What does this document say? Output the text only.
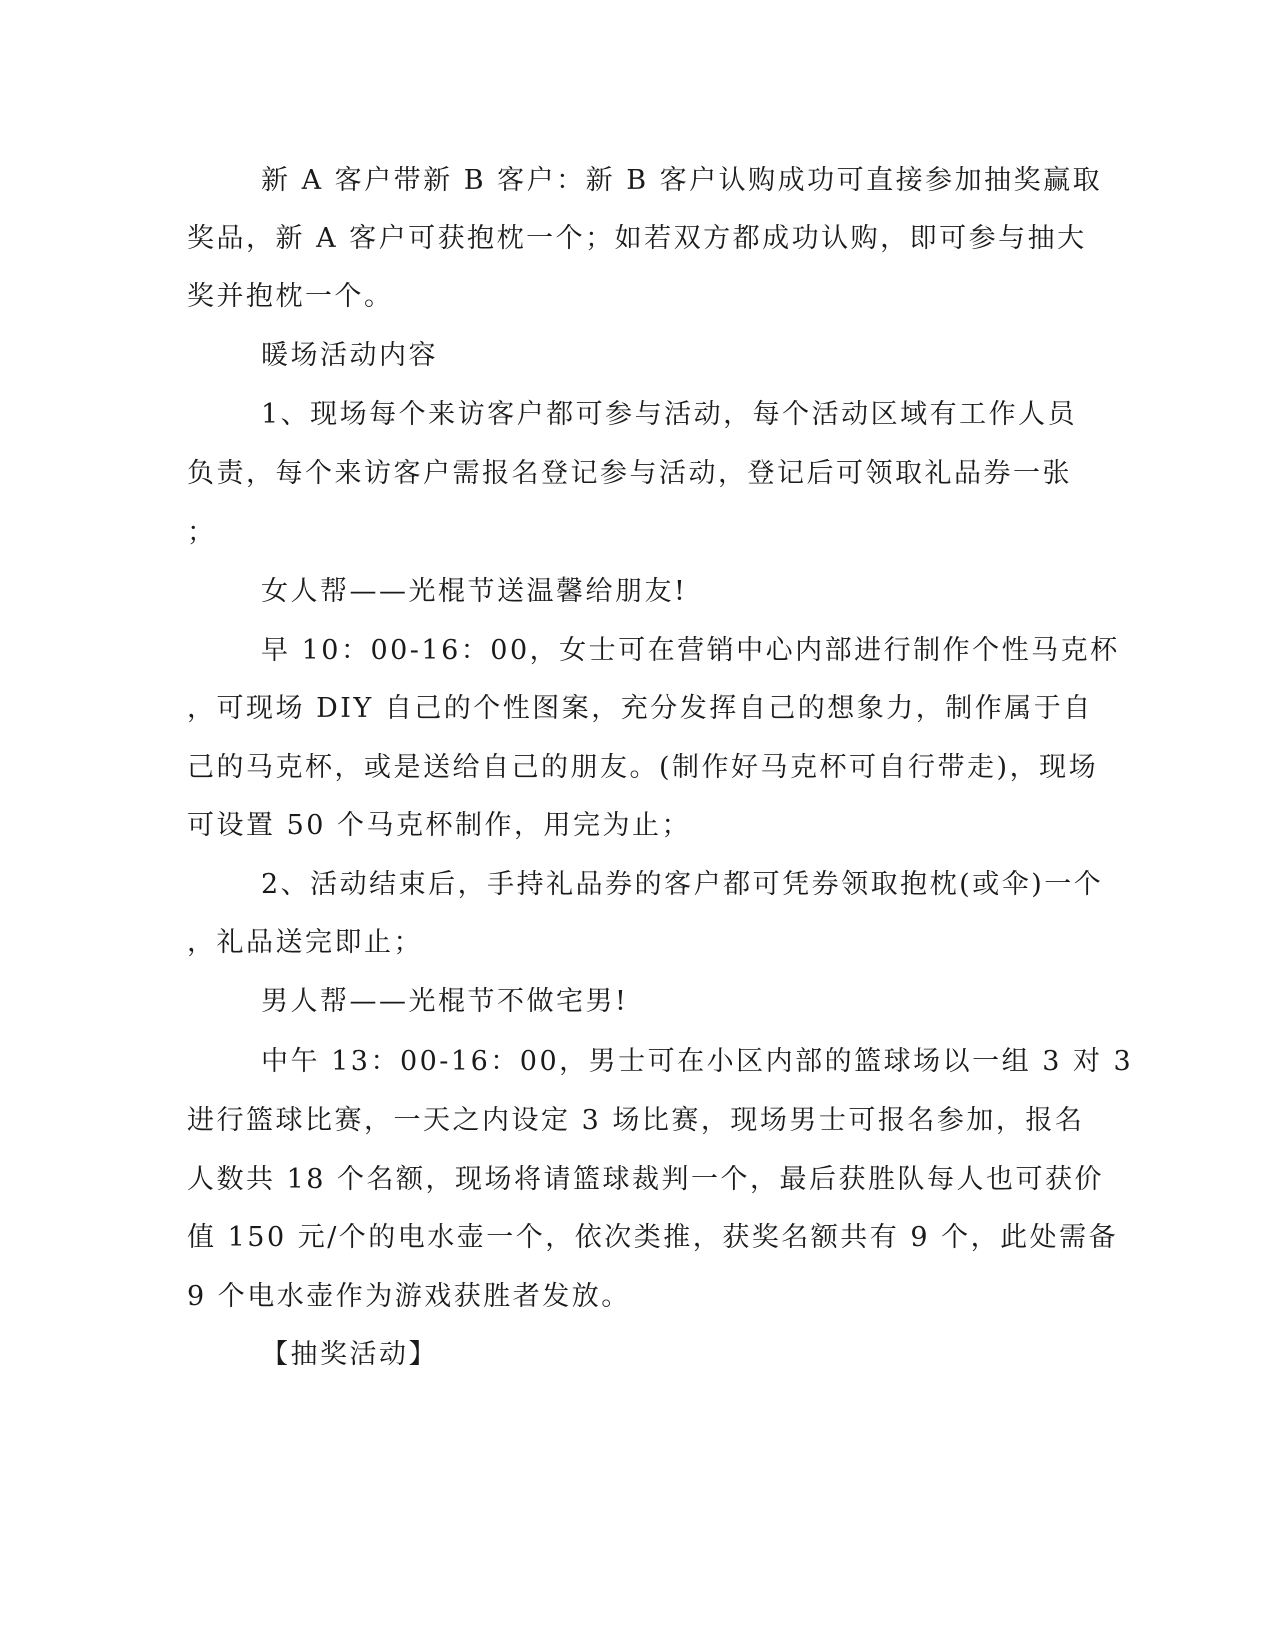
新 A 客户带新 B 客户：新 B 客户认购成功可直接参加抽奖赢取
奖品，新 A 客户可获抱枕一个；如若双方都成功认购，即可参与抽大
奖并抱枕一个。
暖场活动内容
1、现场每个来访客户都可参与活动，每个活动区域有工作人员
负责，每个来访客户需报名登记参与活动，登记后可领取礼品券一张
；
女人帮——光棍节送温馨给朋友!
早 10：00-16：00，女士可在营销中心内部进行制作个性马克杯
，可现场 DIY 自己的个性图案，充分发挥自己的想象力，制作属于自
己的马克杯，或是送给自己的朋友。(制作好马克杯可自行带走)，现场
可设置 50 个马克杯制作，用完为止；
2、活动结束后，手持礼品券的客户都可凭券领取抱枕(或伞)一个
，礼品送完即止；
男人帮——光棍节不做宅男!
中午 13：00-16：00，男士可在小区内部的篮球场以一组 3 对 3
进行篮球比赛，一天之内设定 3 场比赛，现场男士可报名参加，报名
人数共 18 个名额，现场将请篮球裁判一个，最后获胜队每人也可获价
值 150 元/个的电水壶一个，依次类推，获奖名额共有 9 个，此处需备
9 个电水壶作为游戏获胜者发放。
【抽奖活动】
